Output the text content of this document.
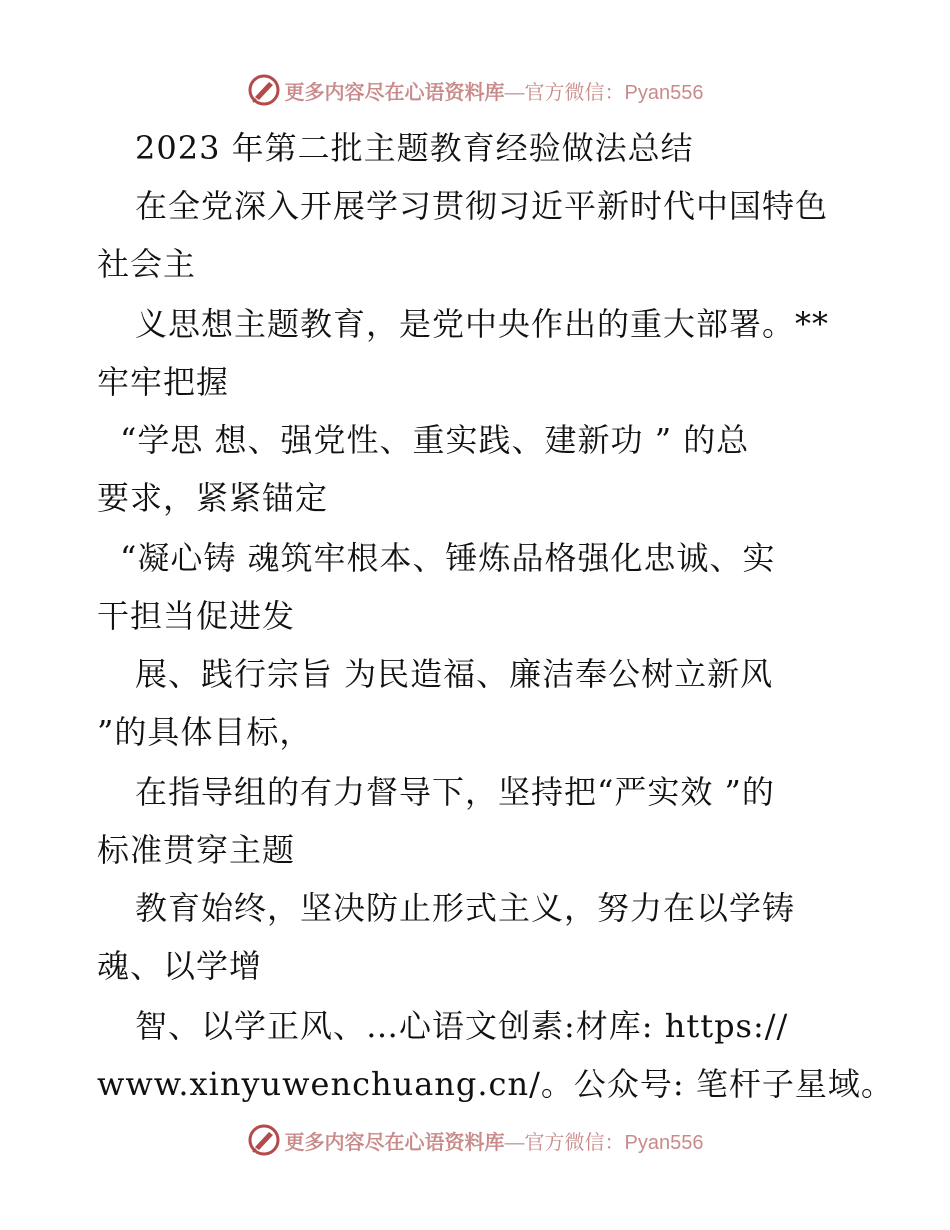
更多内容尽在心语资料库—官方微信：Pyan556
2023 年第二批主题教育经验做法总结
在全党深入开展学习贯彻习近平新时代中国特色
社会主
义思想主题教育，是党中央作出的重大部署。**
牢牢把握
“学思 想、强党性、重实践、建新功 ” 的总
要求，紧紧锚定
“凝心铸 魂筑牢根本、锤炼品格强化忠诚、实
干担当促进发
展、践行宗旨 为民造福、廉洁奉公树立新风
”的具体目标，
在指导组的有力督导下，坚持把“严实效 ”的
标准贯穿主题
教育始终，坚决防止形式主义，努力在以学铸
魂、以学增
智、以学正风、…心语文创素:材库: https://
www.xinyuwenchuang.cn/。公众号: 笔杆子星域。
更多内容尽在心语资料库—官方微信：Pyan556
